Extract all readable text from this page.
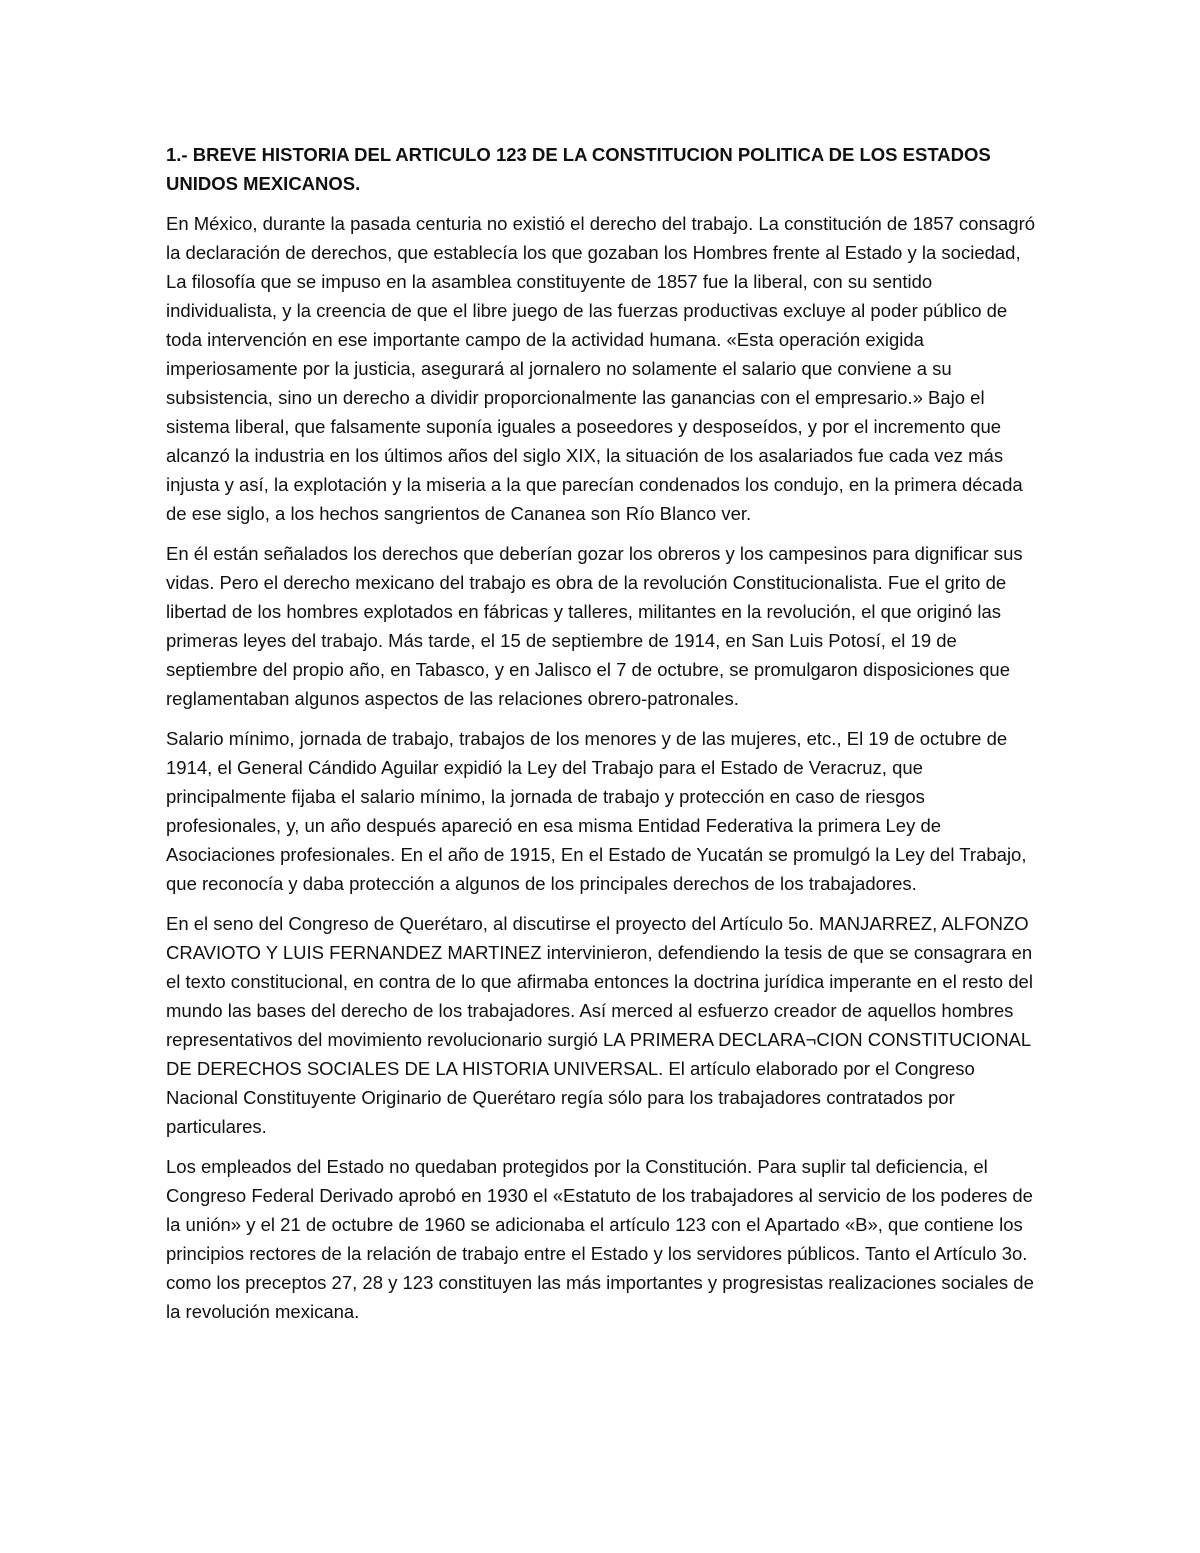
1.- BREVE HISTORIA DEL ARTICULO 123 DE LA CONSTITUCION POLITICA DE LOS ESTADOS UNIDOS MEXICANOS.

En México, durante la pasada centuria no existió el derecho del trabajo. La constitución de 1857 consagró la declaración de derechos, que establecía los que gozaban los Hombres frente al Estado y la sociedad, La filosofía que se impuso en la asamblea constituyente de 1857 fue la liberal, con su sentido individualista, y la creencia de que el libre juego de las fuerzas productivas excluye al poder público de toda intervención en ese importante campo de la actividad humana. «Esta operación exigida imperiosamente por la justicia, asegurará al jornalero no solamente el salario que conviene a su subsistencia, sino un derecho a dividir proporcionalmente las ganancias con el empresario.» Bajo el sistema liberal, que falsamente suponía iguales a poseedores y desposeídos, y por el incremento que alcanzó la industria en los últimos años del siglo XIX, la situación de los asalariados fue cada vez más injusta y así, la explotación y la miseria a la que parecían condenados los condujo, en la primera década de ese siglo, a los hechos sangrientos de Cananea son Río Blanco ver.

En él están señalados los derechos que deberían gozar los obreros y los campesinos para dignificar sus vidas. Pero el derecho mexicano del trabajo es obra de la revolución Constitucionalista. Fue el grito de libertad de los hombres explotados en fábricas y talleres, militantes en la revolución, el que originó las primeras leyes del trabajo. Más tarde, el 15 de septiembre de 1914, en San Luis Potosí, el 19 de septiembre del propio año, en Tabasco, y en Jalisco el 7 de octubre, se promulgaron disposiciones que reglamentaban algunos aspectos de las relaciones obrero-patronales.

Salario mínimo, jornada de trabajo, trabajos de los menores y de las mujeres, etc., El 19 de octubre de 1914, el General Cándido Aguilar expidió la Ley del Trabajo para el Estado de Veracruz, que principalmente fijaba el salario mínimo, la jornada de trabajo y protección en caso de riesgos profesionales, y, un año después apareció en esa misma Entidad Federativa la primera Ley de Asociaciones profesionales. En el año de 1915, En el Estado de Yucatán se promulgó la Ley del Trabajo, que reconocía y daba protección a algunos de los principales derechos de los trabajadores.

En el seno del Congreso de Querétaro, al discutirse el proyecto del Artículo 5o. MANJARREZ, ALFONZO CRAVIOTO Y LUIS FERNANDEZ MARTINEZ intervinieron, defendiendo la tesis de que se consagrara en el texto constitucional, en contra de lo que afirmaba entonces la doctrina jurídica imperante en el resto del mundo las bases del derecho de los trabajadores. Así merced al esfuerzo creador de aquellos hombres representativos del movimiento revolucionario surgió LA PRIMERA DECLARA¬CION CONSTITUCIONAL DE DERECHOS SOCIALES DE LA HISTORIA UNIVERSAL. El artículo elaborado por el Congreso Nacional Constituyente Originario de Querétaro regía sólo para los trabajadores contratados por particulares.

Los empleados del Estado no quedaban protegidos por la Constitución. Para suplir tal deficiencia, el Congreso Federal Derivado aprobó en 1930 el «Estatuto de los trabajadores al servicio de los poderes de la unión» y el 21 de octubre de 1960 se adicionaba el artículo 123 con el Apartado «B», que contiene los principios rectores de la relación de trabajo entre el Estado y los servidores públicos. Tanto el Artículo 3o. como los preceptos 27, 28 y 123 constituyen las más importantes y progresistas realizaciones sociales de la revolución mexicana.
